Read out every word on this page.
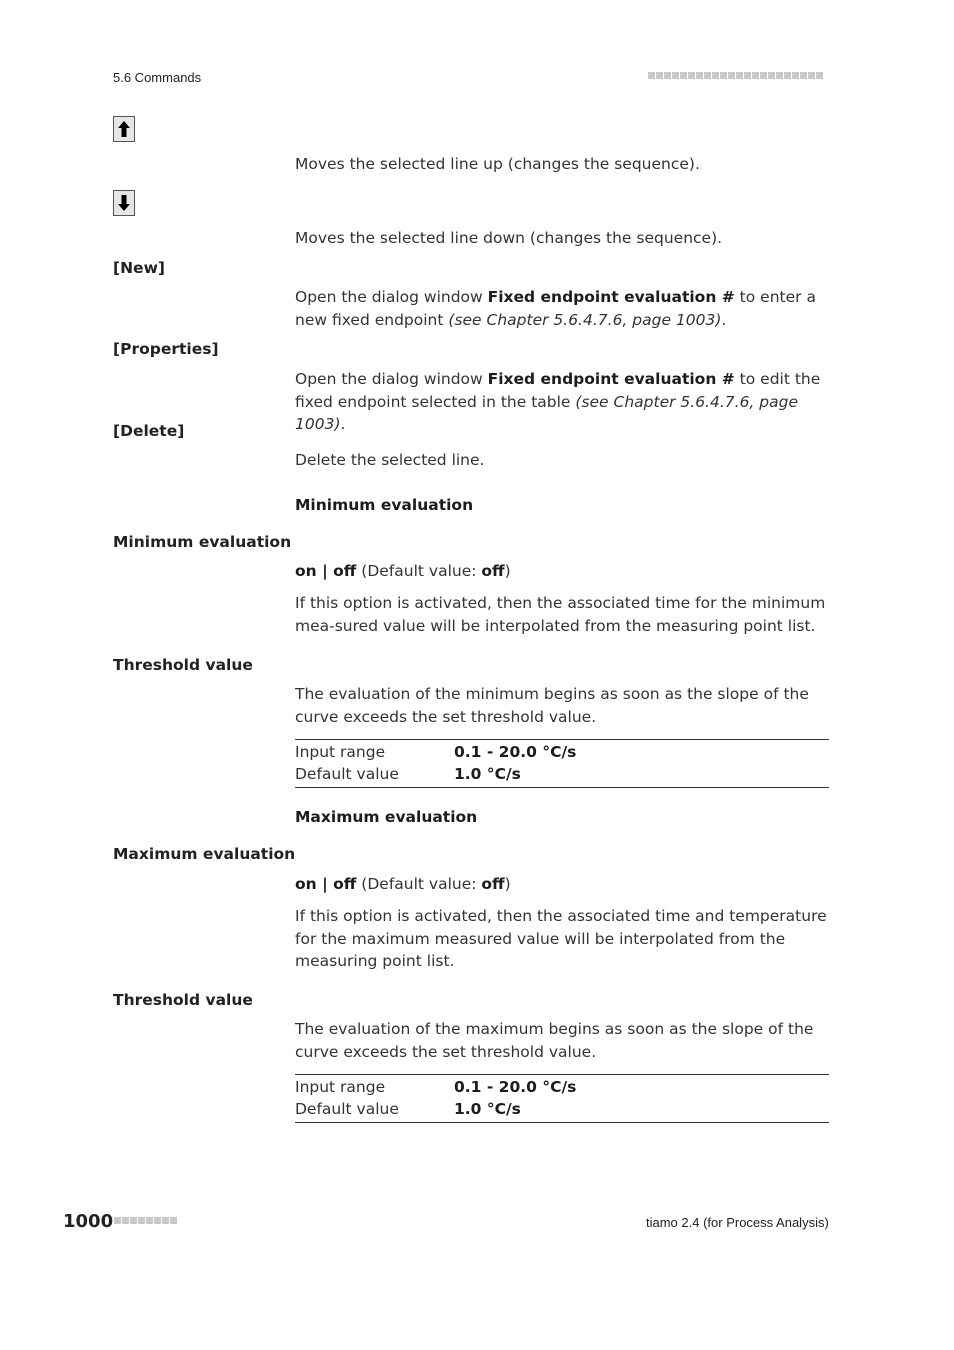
5.6 Commands
Moves the selected line up (changes the sequence).
Moves the selected line down (changes the sequence).
[New]
Open the dialog window Fixed endpoint evaluation # to enter a new fixed endpoint (see Chapter 5.6.4.7.6, page 1003).
[Properties]
Open the dialog window Fixed endpoint evaluation # to edit the fixed endpoint selected in the table (see Chapter 5.6.4.7.6, page 1003).
[Delete]
Delete the selected line.
Minimum evaluation
Minimum evaluation
on | off (Default value: off)
If this option is activated, then the associated time for the minimum mea-sured value will be interpolated from the measuring point list.
Threshold value
The evaluation of the minimum begins as soon as the slope of the curve exceeds the set threshold value.
Input range	0.1 - 20.0 °C/s
Default value	1.0 °C/s
Maximum evaluation
Maximum evaluation
on | off (Default value: off)
If this option is activated, then the associated time and temperature for the maximum measured value will be interpolated from the measuring point list.
Threshold value
The evaluation of the maximum begins as soon as the slope of the curve exceeds the set threshold value.
Input range	0.1 - 20.0 °C/s
Default value	1.0 °C/s
1000	tiamo 2.4 (for Process Analysis)
